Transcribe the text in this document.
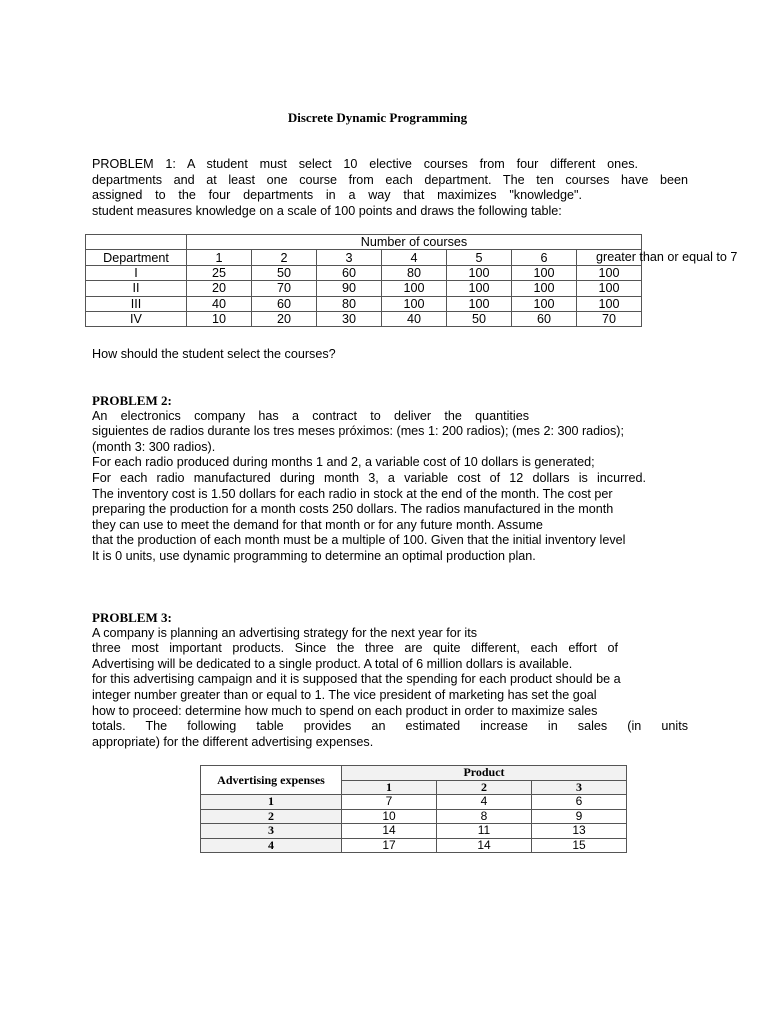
Discrete Dynamic Programming
PROBLEM 1: A student must select 10 elective courses from four different ones.
departments and at least one course from each department. The ten courses have been
assigned to the four departments in a way that maximizes "knowledge".
student measures knowledge on a scale of 100 points and draws the following table:
	Number of courses						
Department	1	2	3	4	5	6	greater than or equal to 7

I	25	50	60	80	100	100	100
II	20	70	90	100	100	100	100
III	40	60	80	100	100	100	100
IV	10	20	30	40	50	60	70
How should the student select the courses?
PROBLEM 2:
An electronics company has a contract to deliver the quantities
siguientes de radios durante los tres meses próximos: (mes 1: 200 radios); (mes 2: 300 radios);
(month 3: 300 radios).
For each radio produced during months 1 and 2, a variable cost of 10 dollars is generated;
For each radio manufactured during month 3, a variable cost of 12 dollars is incurred.
The inventory cost is 1.50 dollars for each radio in stock at the end of the month. The cost per
preparing the production for a month costs 250 dollars. The radios manufactured in the month
they can use to meet the demand for that month or for any future month. Assume
that the production of each month must be a multiple of 100. Given that the initial inventory level
It is 0 units, use dynamic programming to determine an optimal production plan.
PROBLEM 3:
A company is planning an advertising strategy for the next year for its
three most important products. Since the three are quite different, each effort of
Advertising will be dedicated to a single product. A total of 6 million dollars is available.
for this advertising campaign and it is supposed that the spending for each product should be a
integer number greater than or equal to 1. The vice president of marketing has set the goal
how to proceed: determine how much to spend on each product in order to maximize sales
totals. The following table provides an estimated increase in sales (in units
appropriate) for the different advertising expenses.
Advertising expenses	Product		
	1	2	3
1	7	4	6
2	10	8	9
3	14	11	13
4	17	14	15
